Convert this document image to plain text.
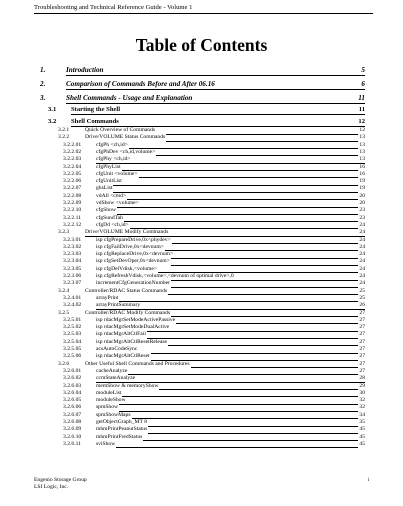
Troubleshooting and Technical Reference Guide - Volume 1
Table of Contents
1.	Introduction	5
2.	Comparison of Commands Before and After 06.16	6
3.	Shell Commands - Usage and Explanation	11
3.1 Starting the Shell	11
3.2 Shell Commands	12
3.2.1	Quick Overview of Commands	12
3.2.2	Drive/VOLUME Status Commands	13
3.2.2.01	cfgPh <ch,id>	13
3.2.2.02	cfgPhDev <ch,id,volume>	13
3.2.2.03	cfgPhy <ch,id>	13
3.2.2.04	cfgPhyList	16
3.2.2.05	cfgUnit <volume>	16
3.2.2.06	cfgUnitList	19
3.2.2.07	ghsList	19
3.2.2.08	vdAll <cmd>	20
3.2.2.09	vdShow <volume>	20
3.2.2.10	cfgShow	23
3.2.2.11	cfgSundTab	23
3.2.2.12	cfgDd <ch,id>	24
3.2.3	Drive/VOLUME Modify Commands	24
3.2.3.01	isp cfgPrepareDrive,0x<phydev>	24
3.2.3.02	isp cfgFailDrive,0x<devnum>	24
3.2.3.03	isp cfgReplaceDrive,0x<devnum>	24
3.2.3.04	isp cfgSetDevOper,0x<devnum>	24
3.2.3.05	isp cfgDelVdisk,<volume>	24
3.2.3.06	isp cfgRefreshVdisk,<volume>,<devnum of optimal drive>,0	24
3.2.3.07	incrementCfgGenerationNumber	24
3.2.4	Controller/RDAC Status Commands	25
3.2.4.01	arrayPrint	25
3.2.4.02	arrayPrintSummary	26
3.2.5	Controller/RDAC Modify Commands	27
3.2.5.01	isp rdacMgrSetModeActivePassive	27
3.2.5.02	isp rdacMgrSetModeDualActive	27
3.2.5.03	isp rdacMgrAltCtlFail	27
3.2.5.04	isp rdacMgrAltCtlResetRelease	27
3.2.5.05	acsAutoCodeSync	27
3.2.5.06	isp rdacMgrAltCtlReset	27
3.2.6	Other Useful Shell Commands and Procedures	27
3.2.6.01	cacheAnalyze	27
3.2.6.02	ccmStateAnalyze	28
3.2.6.03	memShow & memoryShow	29
3.2.6.04	moduleList	30
3.2.6.05	moduleShow	32
3.2.6.06	spmShow	32
3.2.6.07	spmShowMaps	34
3.2.6.08	getObjectGraph_MT 8	35
3.2.6.09	mhmPrintPeanutStatus	45
3.2.6.10	mhmPrintFredStatus	45
3.2.6.11	sviShow	45
Engenio Storage Group
LSI Logic, Inc.
i
